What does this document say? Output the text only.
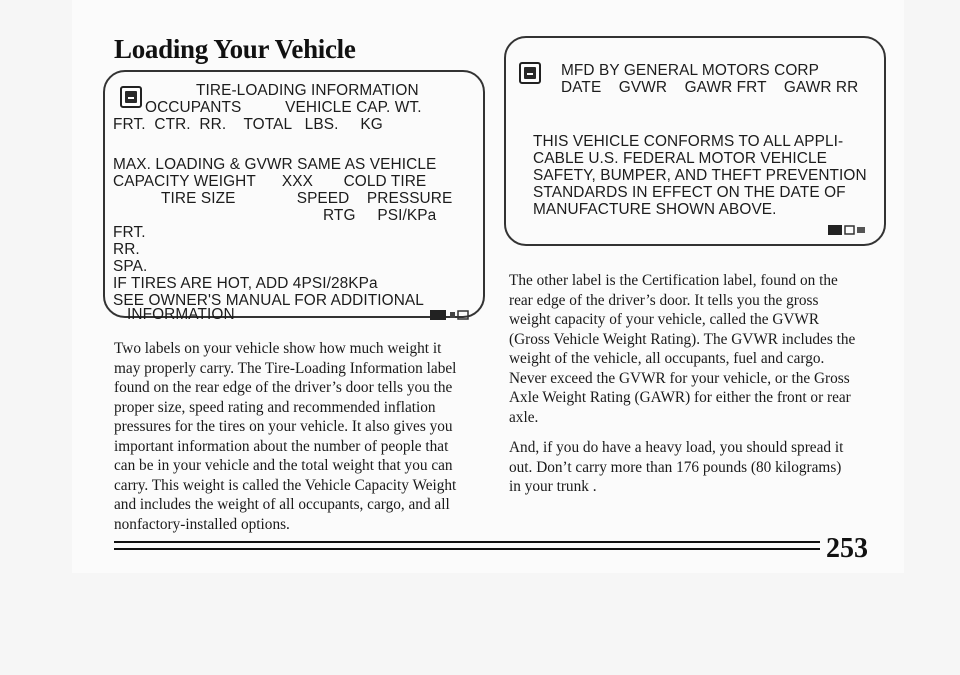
Loading Your Vehicle
TIRE-LOADING INFORMATION
OCCUPANTS          VEHICLE CAP. WT.
FRT.  CTR.  RR.    TOTAL   LBS.     KG
MAX. LOADING & GVWR SAME AS VEHICLE
CAPACITY WEIGHT      XXX       COLD TIRE
TIRE SIZE              SPEED    PRESSURE
RTG     PSI/KPa
FRT.
RR.
SPA.
IF TIRES ARE HOT, ADD 4PSI/28KPa
SEE OWNER'S MANUAL FOR ADDITIONAL
INFORMATION
MFD BY GENERAL MOTORS CORP
DATE    GVWR    GAWR FRT    GAWR RR
THIS VEHICLE CONFORMS TO ALL APPLI-
CABLE U.S. FEDERAL MOTOR VEHICLE
SAFETY, BUMPER, AND THEFT PREVENTION
STANDARDS IN EFFECT ON THE DATE OF
MANUFACTURE SHOWN ABOVE.
Two labels on your vehicle show how much weight it
may properly carry. The Tire-Loading Information label
found on the rear edge of the driver’s door tells you the
proper size, speed rating and recommended inflation
pressures for the tires on your vehicle. It also gives you
important information about the number of people that
can be in your vehicle and the total weight that you can
carry. This weight is called the Vehicle Capacity Weight
and includes the weight of all occupants, cargo, and all
nonfactory-installed options.
The other label is the Certification label, found on the
rear edge of the driver’s door. It tells you the gross
weight capacity of your vehicle, called the GVWR
(Gross Vehicle Weight Rating). The GVWR includes the
weight of the vehicle, all occupants, fuel and cargo.
Never exceed the GVWR for your vehicle, or the Gross
Axle Weight Rating (GAWR) for either the front or rear
axle.
And, if you do have a heavy load, you should spread it
out. Don’t carry more than 176 pounds (80 kilograms)
in your trunk .
253
